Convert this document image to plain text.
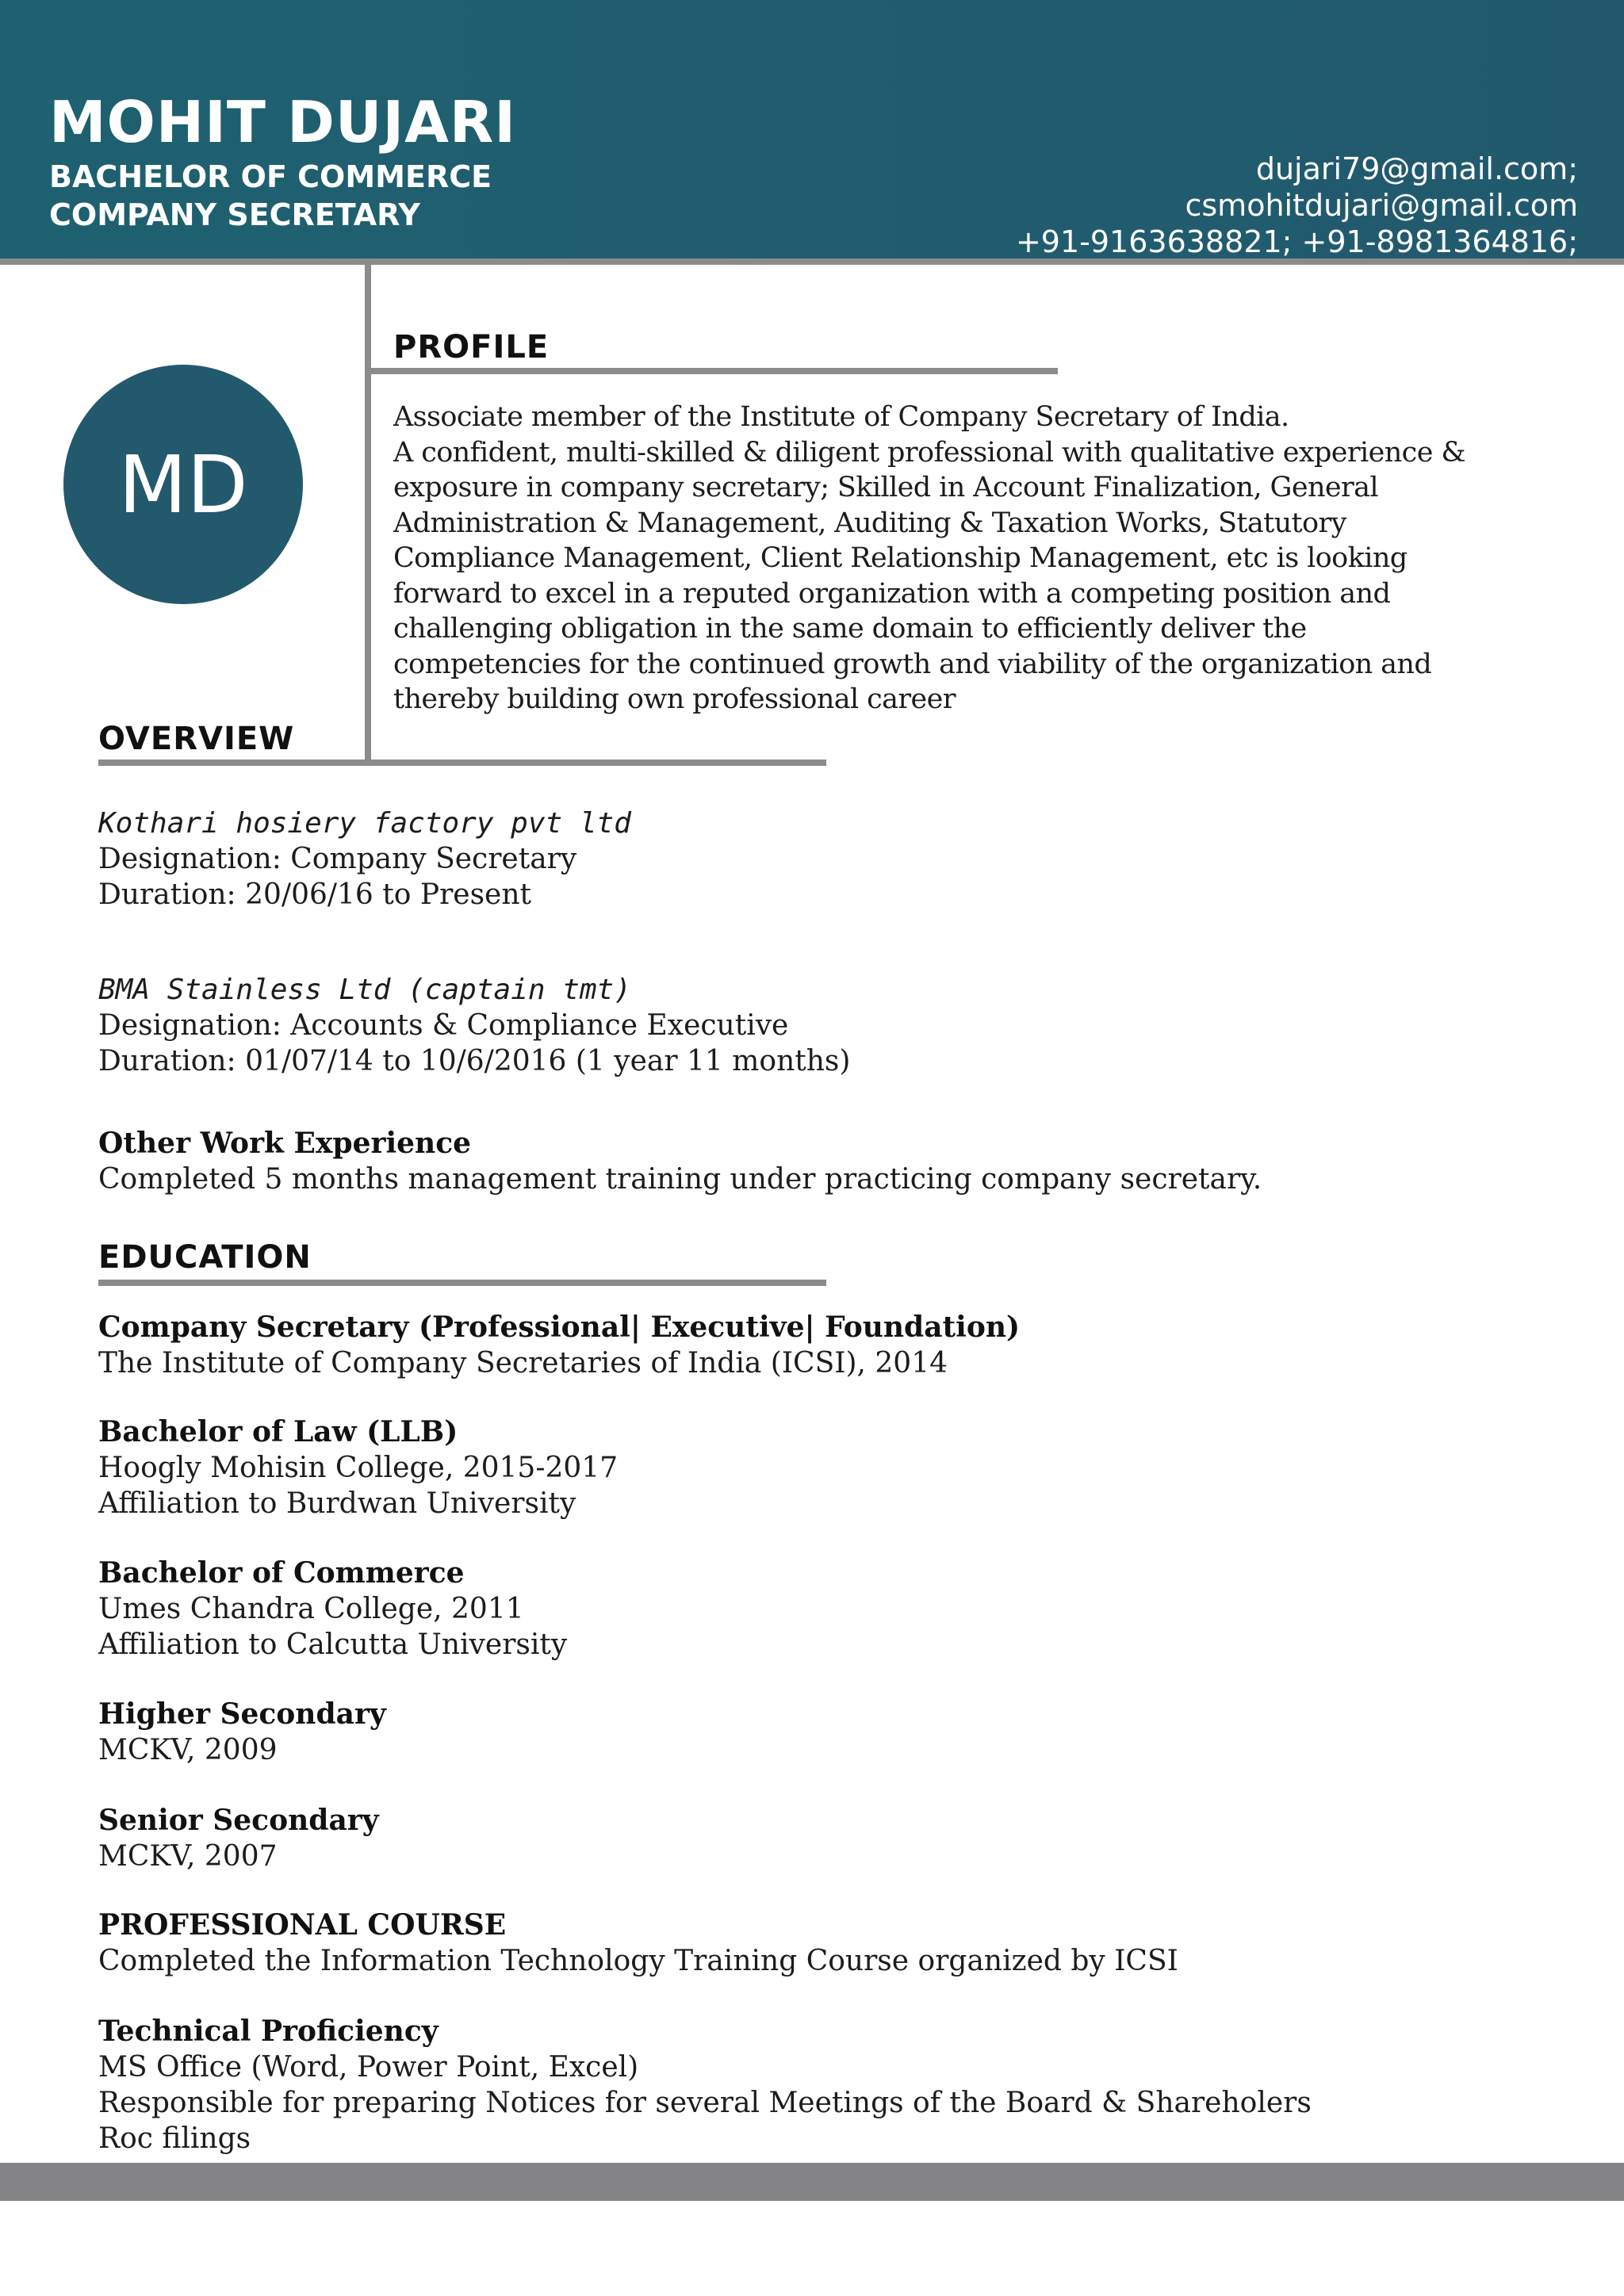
MOHIT DUJARI
BACHELOR OF COMMERCE
COMPANY SECRETARY
dujari79@gmail.com;
csmohitdujari@gmail.com
+91-9163638821; +91-8981364816;
MD
PROFILE
Associate member of the Institute of Company Secretary of India.
A confident, multi-skilled & diligent professional with qualitative experience &
exposure in company secretary; Skilled in Account Finalization, General
Administration & Management, Auditing & Taxation Works, Statutory
Compliance Management, Client Relationship Management, etc is looking
forward to excel in a reputed organization with a competing position and
challenging obligation in the same domain to efficiently deliver the
competencies for the continued growth and viability of the organization and
thereby building own professional career
OVERVIEW
Kothari hosiery factory pvt ltd
Designation: Company Secretary
Duration: 20/06/16 to Present
BMA Stainless Ltd (captain tmt)
Designation: Accounts & Compliance Executive
Duration: 01/07/14 to 10/6/2016 (1 year 11 months)
Other Work Experience
Completed 5 months management training under practicing company secretary.
EDUCATION
Company Secretary (Professional| Executive| Foundation)
The Institute of Company Secretaries of India (ICSI), 2014
Bachelor of Law (LLB)
Hoogly Mohisin College, 2015-2017
Affiliation to Burdwan University
Bachelor of Commerce
Umes Chandra College, 2011
Affiliation to Calcutta University
Higher Secondary
MCKV, 2009
Senior Secondary
MCKV, 2007
PROFESSIONAL COURSE
Completed the Information Technology Training Course organized by ICSI
Technical Proficiency
MS Office (Word, Power Point, Excel)
Responsible for preparing Notices for several Meetings of the Board & Shareholers
Roc filings
